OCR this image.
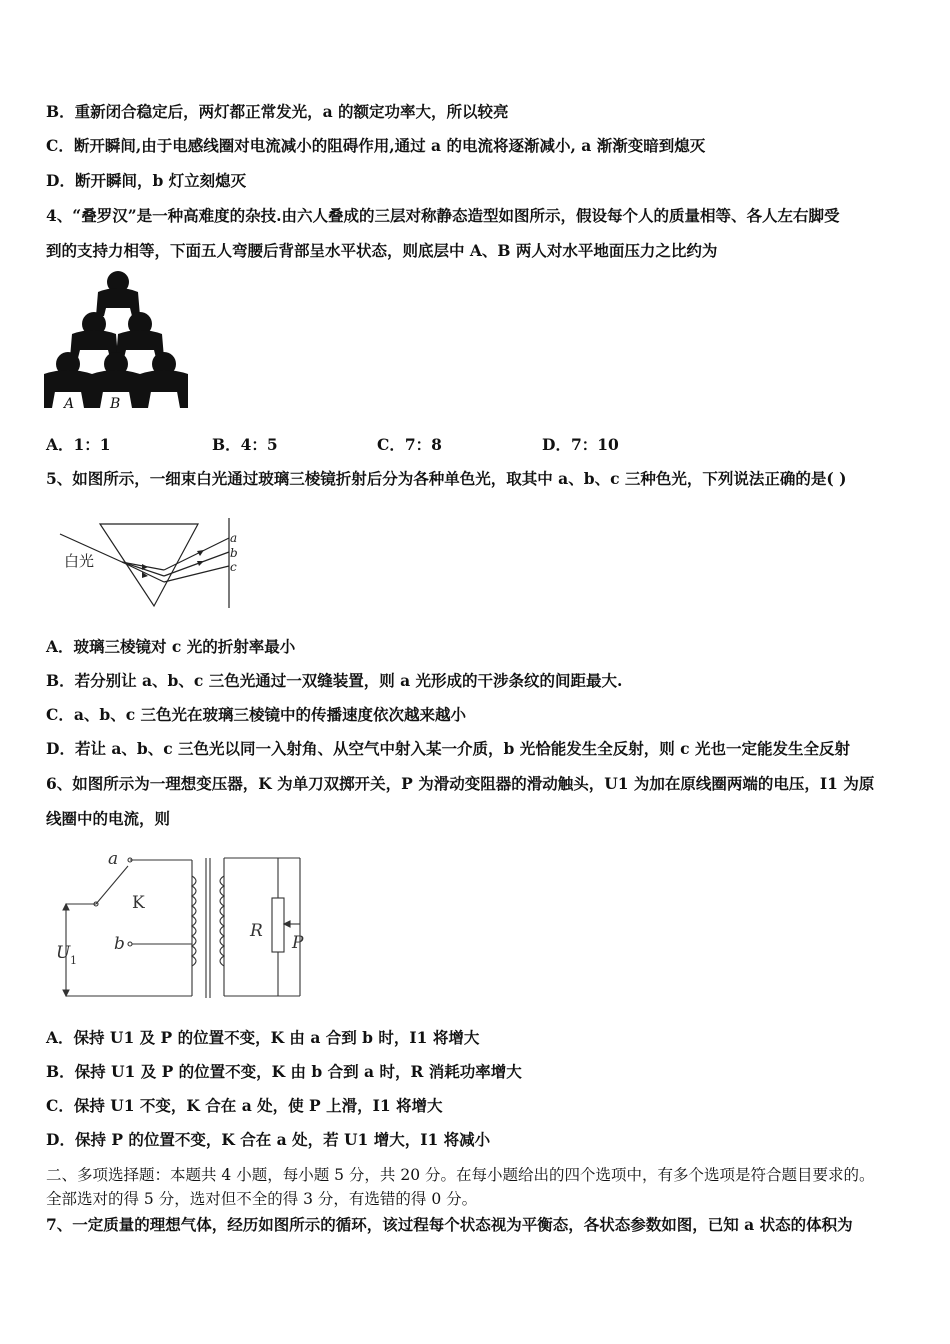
B．重新闭合稳定后，两灯都正常发光，a 的额定功率大，所以较亮
C．断开瞬间,由于电感线圈对电流减小的阻碍作用,通过 a 的电流将逐渐减小, a 渐渐变暗到熄灭
D．断开瞬间，b 灯立刻熄灭
4、“叠罗汉”是一种高难度的杂技.由六人叠成的三层对称静态造型如图所示，假设每个人的质量相等、各人左右脚受
到的支持力相等，下面五人弯腰后背部呈水平状态，则底层中 A、B 两人对水平地面压力之比约为
A	B
A．1：1	B．4：5	C．7：8	D．7：10
5、如图所示，一细束白光通过玻璃三棱镜折射后分为各种单色光，取其中 a、b、c 三种色光，下列说法正确的是( )
白光
a
b
c
A．玻璃三棱镜对 c 光的折射率最小
B．若分别让 a、b、c 三色光通过一双缝装置，则 a 光形成的干涉条纹的间距最大.
C．a、b、c 三色光在玻璃三棱镜中的传播速度依次越来越小
D．若让 a、b、c 三色光以同一入射角、从空气中射入某一介质，b 光恰能发生全反射，则 c 光也一定能发生全反射
6、如图所示为一理想变压器，K 为单刀双掷开关，P 为滑动变阻器的滑动触头，U1 为加在原线圈两端的电压，I1 为原
线圈中的电流，则
a
b
K
U 1
R
P
A．保持 U1 及 P 的位置不变，K 由 a 合到 b 时，I1 将增大
B．保持 U1 及 P 的位置不变，K 由 b 合到 a 时，R 消耗功率增大
C．保持 U1 不变，K 合在 a 处，使 P 上滑，I1 将增大
D．保持 P 的位置不变，K 合在 a 处，若 U1 增大，I1 将减小
二、多项选择题：本题共 4 小题，每小题 5 分，共 20 分。在每小题给出的四个选项中，有多个选项是符合题目要求的。
全部选对的得 5 分，选对但不全的得 3 分，有选错的得 0 分。
7、一定质量的理想气体，经历如图所示的循环，该过程每个状态视为平衡态，各状态参数如图，已知 a 状态的体积为
